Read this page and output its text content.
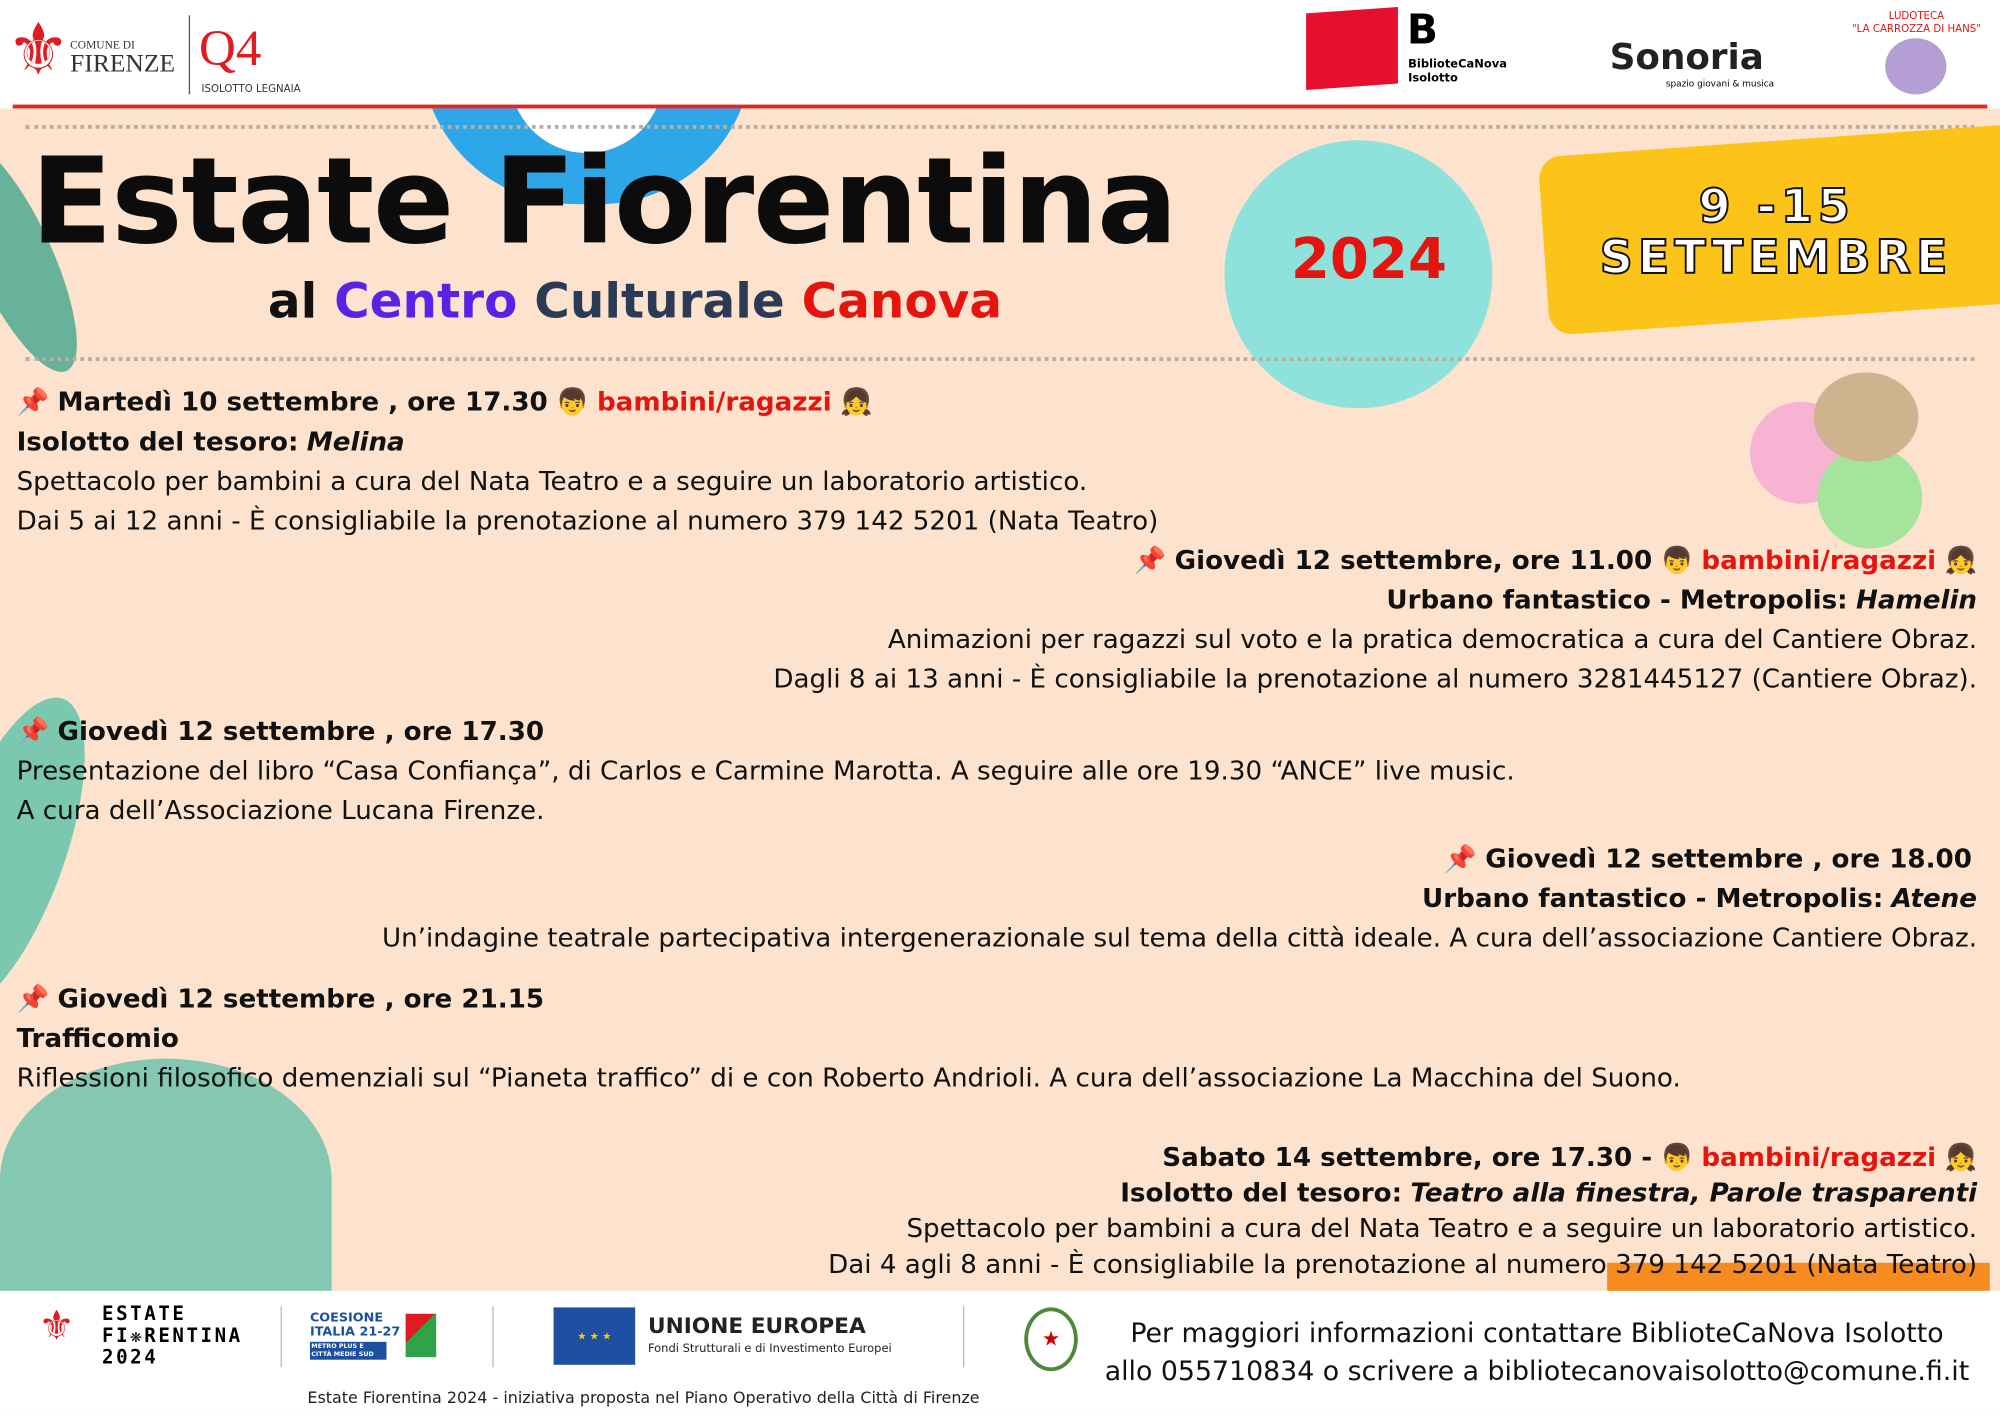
⚜ COMUNE DI
FIRENZE Q4
ISOLOTTO LEGNAIA
B
BiblioteCaNova
Isolotto
Sonoria
spazio giovani & musica
LUDOTECA
"LA CARROZZA DI HANS"
Estate Fiorentina
al Centro Culturale Canova
2024
9 -15
SETTEMBRE
📌 Martedì 10 settembre , ore 17.30 👦 bambini/ragazzi 👧
Isolotto del tesoro: Melina
Spettacolo per bambini a cura del Nata Teatro e a seguire un laboratorio artistico.
Dai 5 ai 12 anni - È consigliabile la prenotazione al numero 379 142 5201 (Nata Teatro)
📌 Giovedì 12 settembre, ore 11.00 👦 bambini/ragazzi 👧
Urbano fantastico - Metropolis: Hamelin
Animazioni per ragazzi sul voto e la pratica democratica a cura del Cantiere Obraz.
Dagli 8 ai 13 anni - È consigliabile la prenotazione al numero 3281445127 (Cantiere Obraz).
📌 Giovedì 12 settembre , ore 17.30
Presentazione del libro “Casa Confiança”, di Carlos e Carmine Marotta. A seguire alle ore 19.30 “ANCE” live music.
A cura dell’Associazione Lucana Firenze.
📌 Giovedì 12 settembre , ore 18.00
Urbano fantastico - Metropolis: Atene
Un’indagine teatrale partecipativa intergenerazionale sul tema della città ideale. A cura dell’associazione Cantiere Obraz.
📌 Giovedì 12 settembre , ore 21.15
Trafficomio
Riflessioni filosofico demenziali sul “Pianeta traffico” di e con Roberto Andrioli. A cura dell’associazione La Macchina del Suono.
Sabato 14 settembre, ore 17.30 - 👦 bambini/ragazzi 👧
Isolotto del tesoro: Teatro alla finestra, Parole trasparenti
Spettacolo per bambini a cura del Nata Teatro e a seguire un laboratorio artistico.
Dai 4 agli 8 anni - È consigliabile la prenotazione al numero 379 142 5201 (Nata Teatro)
⚜ ESTATE
FI❋RENTINA
2024
COESIONE
ITALIA 21-27
METRO PLUS E CITTÀ MEDIE SUD
★ ★ ★	UNIONE EUROPEA
Fondi Strutturali e di Investimento Europei	★	Per maggiori informazioni contattare BiblioteCaNova Isolotto
allo 055710834 o scrivere a bibliotecanovaisolotto@comune.fi.it
Estate Fiorentina 2024 - iniziativa proposta nel Piano Operativo della Città di Firenze
